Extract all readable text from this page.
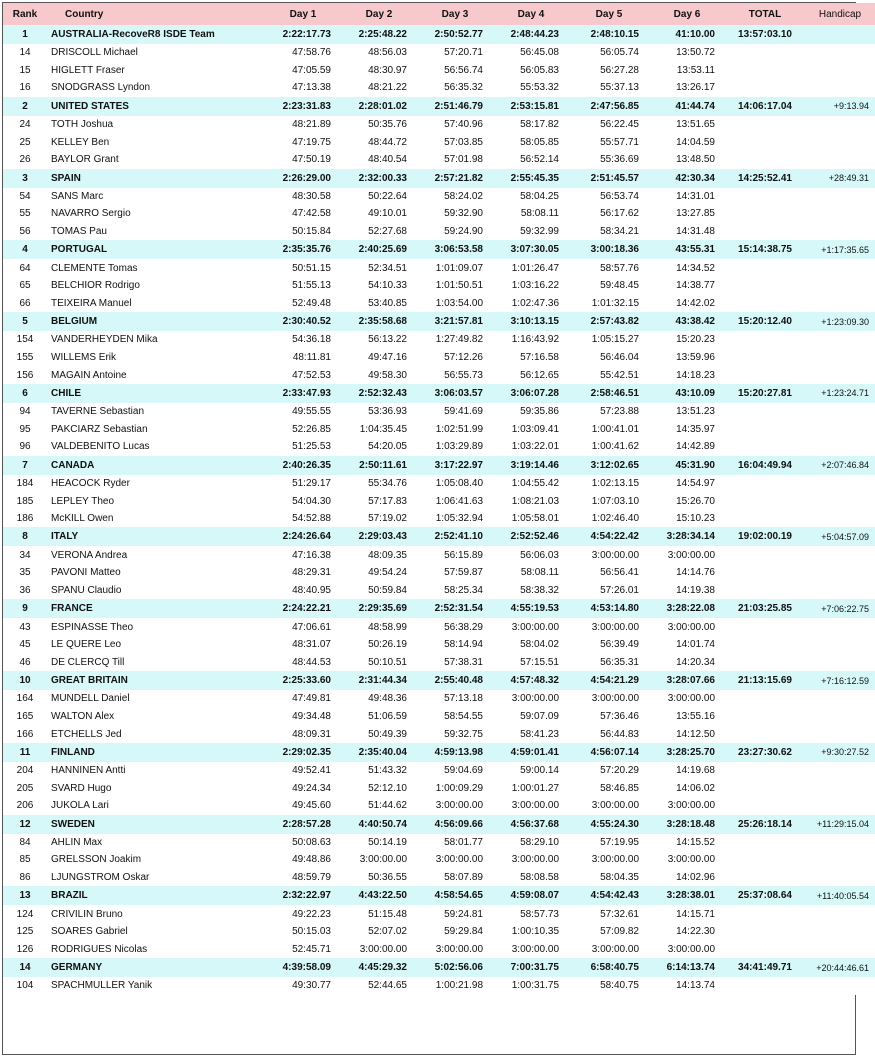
Rank	Country	Day 1	Day 2	Day 3	Day 4	Day 5	Day 6	TOTAL	Handicap
1	AUSTRALIA-RecoveR8 ISDE Team	2:22:17.73	2:25:48.22	2:50:52.77	2:48:44.23	2:48:10.15	41:10.00	13:57:03.10	
14	DRISCOLL Michael	47:58.76	48:56.03	57:20.71	56:45.08	56:05.74	13:50.72		
15	HIGLETT Fraser	47:05.59	48:30.97	56:56.74	56:05.83	56:27.28	13:53.11		
16	SNODGRASS Lyndon	47:13.38	48:21.22	56:35.32	55:53.32	55:37.13	13:26.17		
2	UNITED STATES	2:23:31.83	2:28:01.02	2:51:46.79	2:53:15.81	2:47:56.85	41:44.74	14:06:17.04	+9:13.94
24	TOTH Joshua	48:21.89	50:35.76	57:40.96	58:17.82	56:22.45	13:51.65		
25	KELLEY Ben	47:19.75	48:44.72	57:03.85	58:05.85	55:57.71	14:04.59		
26	BAYLOR Grant	47:50.19	48:40.54	57:01.98	56:52.14	55:36.69	13:48.50		
3	SPAIN	2:26:29.00	2:32:00.33	2:57:21.82	2:55:45.35	2:51:45.57	42:30.34	14:25:52.41	+28:49.31
54	SANS Marc	48:30.58	50:22.64	58:24.02	58:04.25	56:53.74	14:31.01		
55	NAVARRO Sergio	47:42.58	49:10.01	59:32.90	58:08.11	56:17.62	13:27.85		
56	TOMAS Pau	50:15.84	52:27.68	59:24.90	59:32.99	58:34.21	14:31.48		
4	PORTUGAL	2:35:35.76	2:40:25.69	3:06:53.58	3:07:30.05	3:00:18.36	43:55.31	15:14:38.75	+1:17:35.65
64	CLEMENTE Tomas	50:51.15	52:34.51	1:01:09.07	1:01:26.47	58:57.76	14:34.52		
65	BELCHIOR Rodrigo	51:55.13	54:10.33	1:01:50.51	1:03:16.22	59:48.45	14:38.77		
66	TEIXEIRA Manuel	52:49.48	53:40.85	1:03:54.00	1:02:47.36	1:01:32.15	14:42.02		
5	BELGIUM	2:30:40.52	2:35:58.68	3:21:57.81	3:10:13.15	2:57:43.82	43:38.42	15:20:12.40	+1:23:09.30
154	VANDERHEYDEN Mika	54:36.18	56:13.22	1:27:49.82	1:16:43.92	1:05:15.27	15:20.23		
155	WILLEMS Erik	48:11.81	49:47.16	57:12.26	57:16.58	56:46.04	13:59.96		
156	MAGAIN Antoine	47:52.53	49:58.30	56:55.73	56:12.65	55:42.51	14:18.23		
6	CHILE	2:33:47.93	2:52:32.43	3:06:03.57	3:06:07.28	2:58:46.51	43:10.09	15:20:27.81	+1:23:24.71
94	TAVERNE Sebastian	49:55.55	53:36.93	59:41.69	59:35.86	57:23.88	13:51.23		
95	PAKCIARZ Sebastian	52:26.85	1:04:35.45	1:02:51.99	1:03:09.41	1:00:41.01	14:35.97		
96	VALDEBENITO Lucas	51:25.53	54:20.05	1:03:29.89	1:03:22.01	1:00:41.62	14:42.89		
7	CANADA	2:40:26.35	2:50:11.61	3:17:22.97	3:19:14.46	3:12:02.65	45:31.90	16:04:49.94	+2:07:46.84
184	HEACOCK Ryder	51:29.17	55:34.76	1:05:08.40	1:04:55.42	1:02:13.15	14:54.97		
185	LEPLEY Theo	54:04.30	57:17.83	1:06:41.63	1:08:21.03	1:07:03.10	15:26.70		
186	McKILL Owen	54:52.88	57:19.02	1:05:32.94	1:05:58.01	1:02:46.40	15:10.23		
8	ITALY	2:24:26.64	2:29:03.43	2:52:41.10	2:52:52.46	4:54:22.42	3:28:34.14	19:02:00.19	+5:04:57.09
34	VERONA Andrea	47:16.38	48:09.35	56:15.89	56:06.03	3:00:00.00	3:00:00.00		
35	PAVONI Matteo	48:29.31	49:54.24	57:59.87	58:08.11	56:56.41	14:14.76		
36	SPANU Claudio	48:40.95	50:59.84	58:25.34	58:38.32	57:26.01	14:19.38		
9	FRANCE	2:24:22.21	2:29:35.69	2:52:31.54	4:55:19.53	4:53:14.80	3:28:22.08	21:03:25.85	+7:06:22.75
43	ESPINASSE Theo	47:06.61	48:58.99	56:38.29	3:00:00.00	3:00:00.00	3:00:00.00		
45	LE QUERE Leo	48:31.07	50:26.19	58:14.94	58:04.02	56:39.49	14:01.74		
46	DE CLERCQ Till	48:44.53	50:10.51	57:38.31	57:15.51	56:35.31	14:20.34		
10	GREAT BRITAIN	2:25:33.60	2:31:44.34	2:55:40.48	4:57:48.32	4:54:21.29	3:28:07.66	21:13:15.69	+7:16:12.59
164	MUNDELL Daniel	47:49.81	49:48.36	57:13.18	3:00:00.00	3:00:00.00	3:00:00.00		
165	WALTON Alex	49:34.48	51:06.59	58:54.55	59:07.09	57:36.46	13:55.16		
166	ETCHELLS Jed	48:09.31	50:49.39	59:32.75	58:41.23	56:44.83	14:12.50		
11	FINLAND	2:29:02.35	2:35:40.04	4:59:13.98	4:59:01.41	4:56:07.14	3:28:25.70	23:27:30.62	+9:30:27.52
204	HANNINEN Antti	49:52.41	51:43.32	59:04.69	59:00.14	57:20.29	14:19.68		
205	SVARD Hugo	49:24.34	52:12.10	1:00:09.29	1:00:01.27	58:46.85	14:06.02		
206	JUKOLA Lari	49:45.60	51:44.62	3:00:00.00	3:00:00.00	3:00:00.00	3:00:00.00		
12	SWEDEN	2:28:57.28	4:40:50.74	4:56:09.66	4:56:37.68	4:55:24.30	3:28:18.48	25:26:18.14	+11:29:15.04
84	AHLIN Max	50:08.63	50:14.19	58:01.77	58:29.10	57:19.95	14:15.52		
85	GRELSSON Joakim	49:48.86	3:00:00.00	3:00:00.00	3:00:00.00	3:00:00.00	3:00:00.00		
86	LJUNGSTROM Oskar	48:59.79	50:36.55	58:07.89	58:08.58	58:04.35	14:02.96		
13	BRAZIL	2:32:22.97	4:43:22.50	4:58:54.65	4:59:08.07	4:54:42.43	3:28:38.01	25:37:08.64	+11:40:05.54
124	CRIVILIN Bruno	49:22.23	51:15.48	59:24.81	58:57.73	57:32.61	14:15.71		
125	SOARES Gabriel	50:15.03	52:07.02	59:29.84	1:00:10.35	57:09.82	14:22.30		
126	RODRIGUES Nicolas	52:45.71	3:00:00.00	3:00:00.00	3:00:00.00	3:00:00.00	3:00:00.00		
14	GERMANY	4:39:58.09	4:45:29.32	5:02:56.06	7:00:31.75	6:58:40.75	6:14:13.74	34:41:49.71	+20:44:46.61
104	SPACHMULLER Yanik	49:30.77	52:44.65	1:00:21.98	1:00:31.75	58:40.75	14:13.74		
